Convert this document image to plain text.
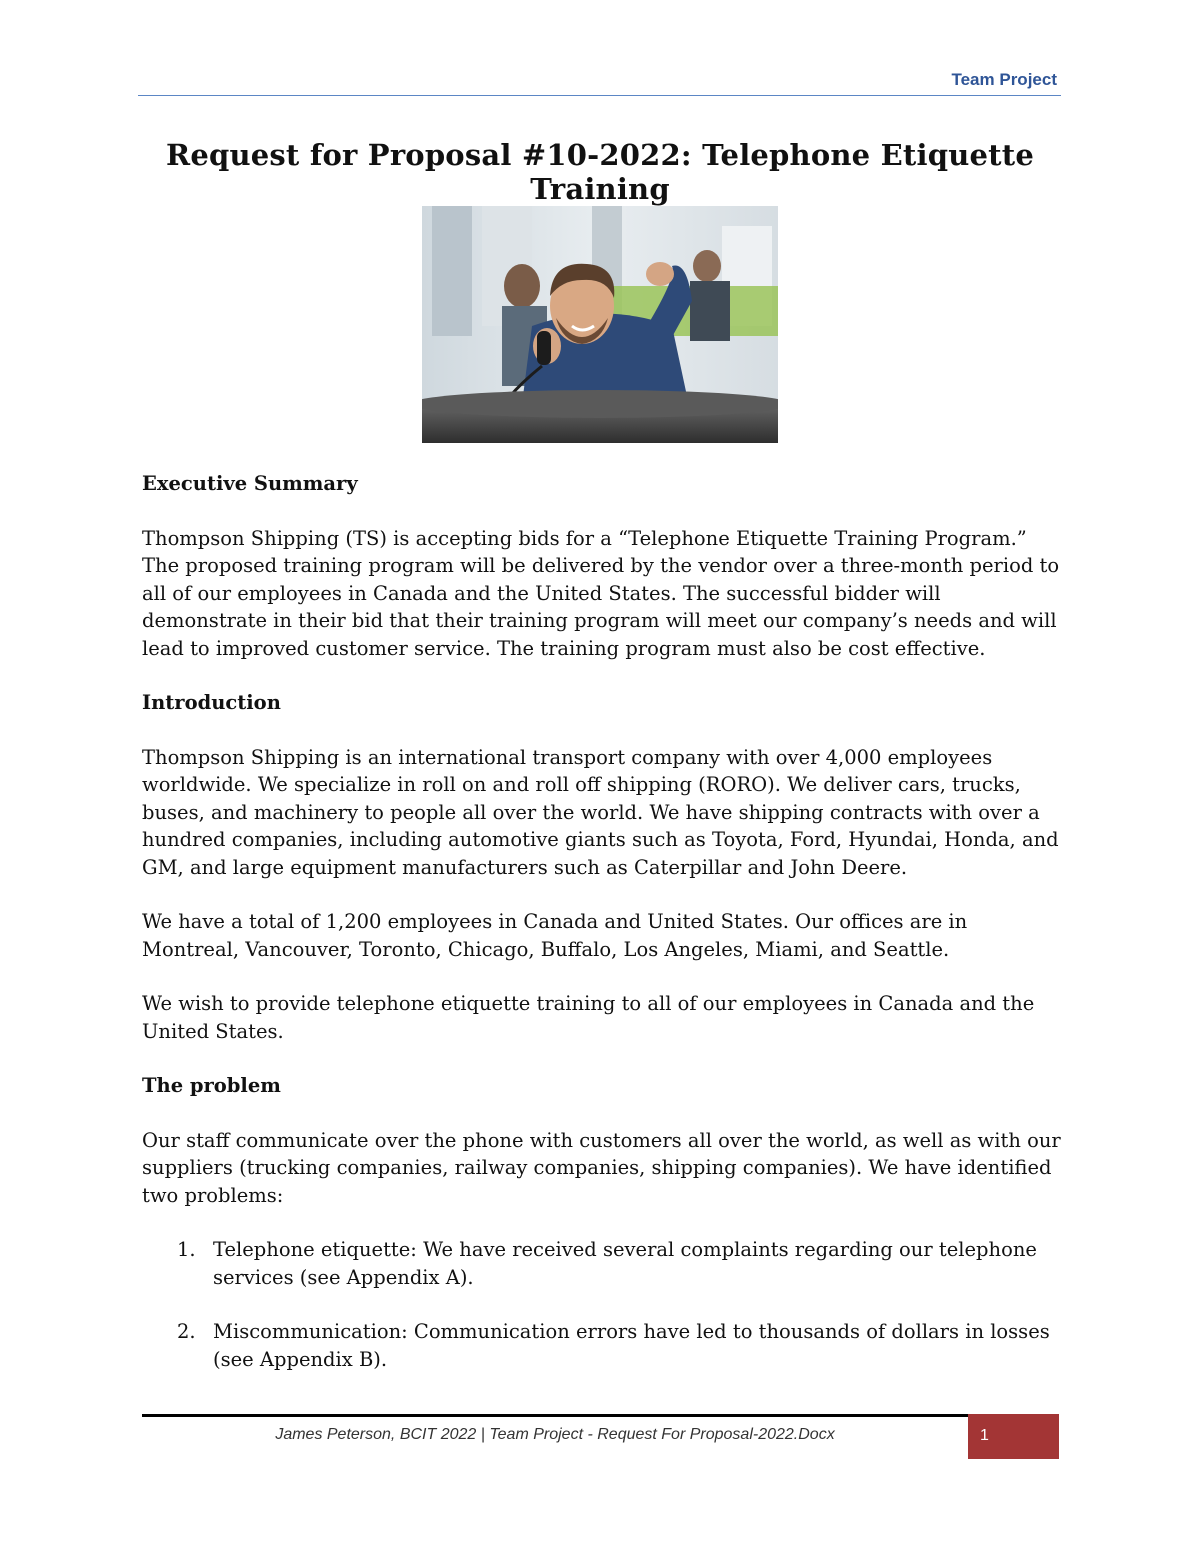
Team Project
Request for Proposal #10-2022: Telephone Etiquette Training
Executive Summary

Thompson Shipping (TS) is accepting bids for a “Telephone Etiquette Training Program.” The proposed training program will be delivered by the vendor over a three-month period to all of our employees in Canada and the United States. The successful bidder will demonstrate in their bid that their training program will meet our company’s needs and will lead to improved customer service. The training program must also be cost effective.

Introduction

Thompson Shipping is an international transport company with over 4,000 employees worldwide. We specialize in roll on and roll off shipping (RORO). We deliver cars, trucks, buses, and machinery to people all over the world. We have shipping contracts with over a hundred companies, including automotive giants such as Toyota, Ford, Hyundai, Honda, and GM, and large equipment manufacturers such as Caterpillar and John Deere.

We have a total of 1,200 employees in Canada and United States. Our offices are in Montreal, Vancouver, Toronto, Chicago, Buffalo, Los Angeles, Miami, and Seattle.

We wish to provide telephone etiquette training to all of our employees in Canada and the United States.

The problem

Our staff communicate over the phone with customers all over the world, as well as with our suppliers (trucking companies, railway companies, shipping companies). We have identified two problems:

1. Telephone etiquette: We have received several complaints regarding our telephone services (see Appendix A).
2. Miscommunication: Communication errors have led to thousands of dollars in losses (see Appendix B).
James Peterson, BCIT 2022 | Team Project - Request For Proposal-2022.Docx	1
